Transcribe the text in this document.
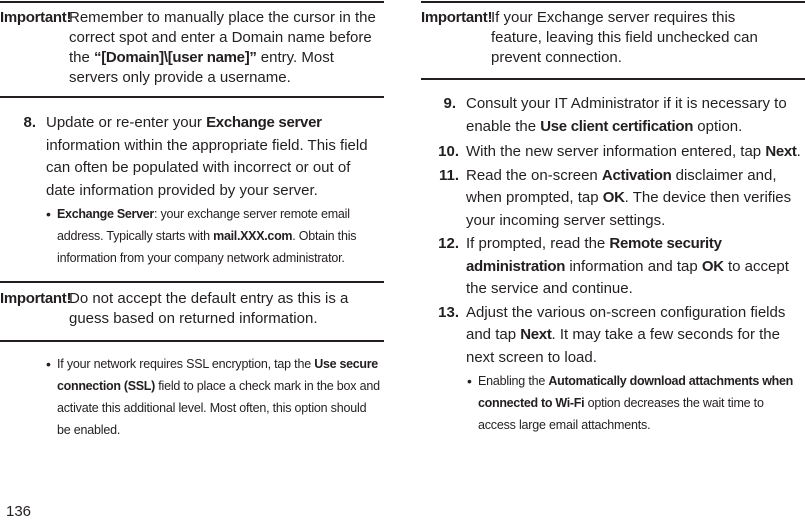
Important!
Remember to manually place the cursor in the correct spot and enter a Domain name before the “[Domain]\[user name]” entry. Most servers only provide a username.
8. Update or re-enter your Exchange server information within the appropriate field. This field can often be populated with incorrect or out of date information provided by your server.
• Exchange Server: your exchange server remote email address. Typically starts with mail.XXX.com. Obtain this information from your company network administrator.
Important!
Do not accept the default entry as this is a guess based on returned information.
• If your network requires SSL encryption, tap the Use secure connection (SSL) field to place a check mark in the box and activate this additional level. Most often, this option should be enabled.
Important!
If your Exchange server requires this feature, leaving this field unchecked can prevent connection.
9. Consult your IT Administrator if it is necessary to enable the Use client certification option.
10. With the new server information entered, tap Next.
11. Read the on-screen Activation disclaimer and, when prompted, tap OK. The device then verifies your incoming server settings.
12. If prompted, read the Remote security administration information and tap OK to accept the service and continue.
13. Adjust the various on-screen configuration fields and tap Next. It may take a few seconds for the next screen to load.
• Enabling the Automatically download attachments when connected to Wi-Fi option decreases the wait time to access large email attachments.
136
